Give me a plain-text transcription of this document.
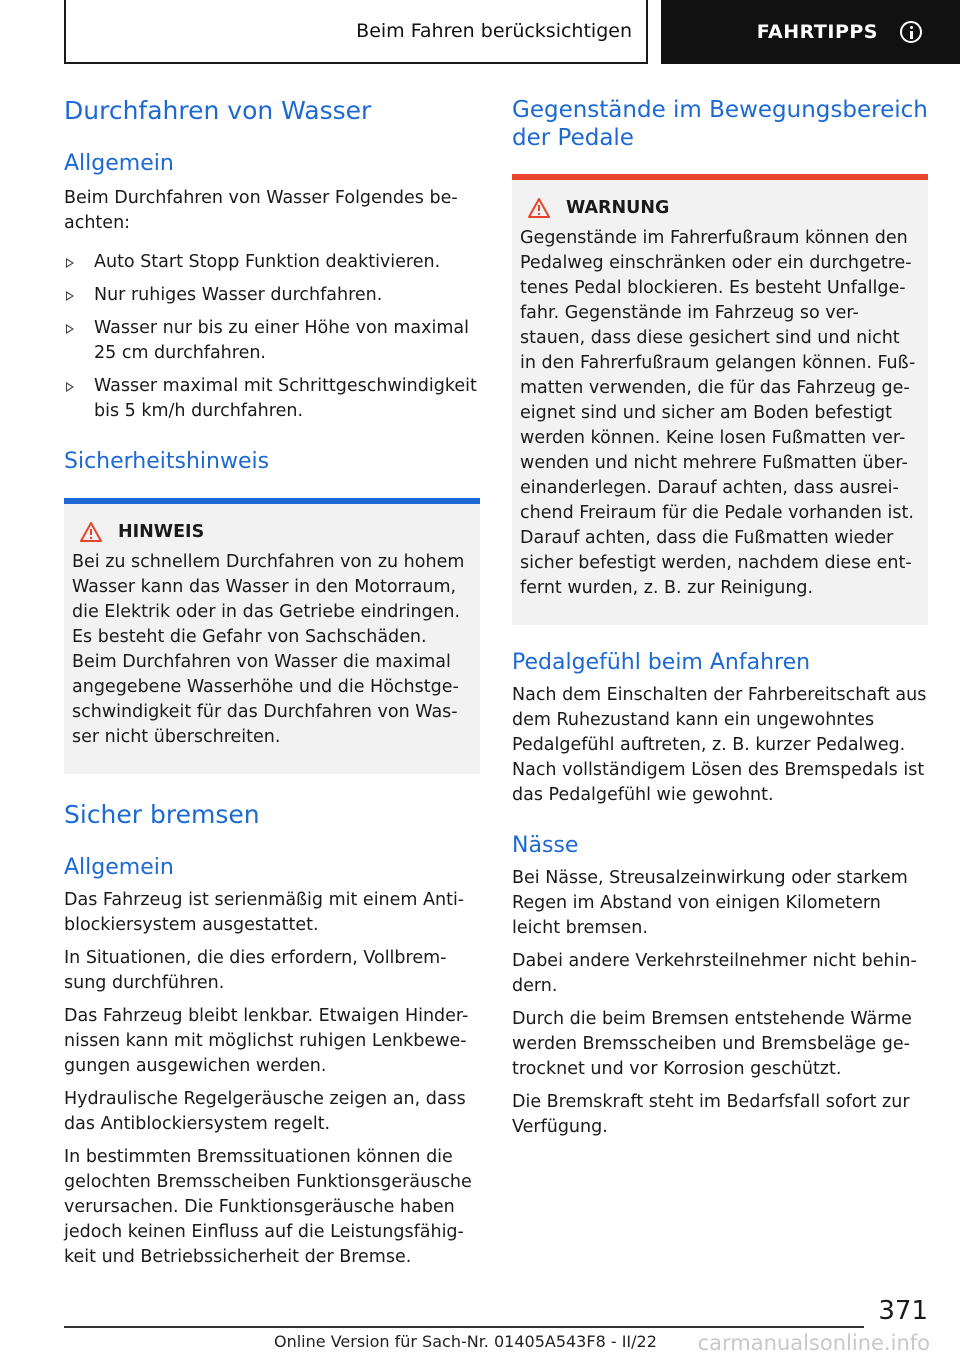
Beim Fahren berücksichtigen	FAHRTIPPS
Durchfahren von Wasser
Allgemein

Beim Durchfahren von Wasser Folgendes be-achten:

Auto Start Stopp Funktion deaktivieren.
Nur ruhiges Wasser durchfahren.
Wasser nur bis zu einer Höhe von maximal 25 cm durchfahren.
Wasser maximal mit Schrittgeschwindigkeit bis 5 km/h durchfahren.
Sicherheitshinweis
HINWEIS

Bei zu schnellem Durchfahren von zu hohem Wasser kann das Wasser in den Motorraum, die Elektrik oder in das Getriebe eindringen. Es besteht die Gefahr von Sachschäden. Beim Durchfahren von Wasser die maximal angegebene Wasserhöhe und die Höchstge-schwindigkeit für das Durchfahren von Was-ser nicht überschreiten.

Sicher bremsen
Allgemein

Das Fahrzeug ist serienmäßig mit einem Anti-blockiersystem ausgestattet.

In Situationen, die dies erfordern, Vollbrem-sung durchführen.

Das Fahrzeug bleibt lenkbar. Etwaigen Hinder-nissen kann mit möglichst ruhigen Lenkbewe-gungen ausgewichen werden.

Hydraulische Regelgeräusche zeigen an, dass das Antiblockiersystem regelt.

In bestimmten Bremssituationen können die gelochten Bremsscheiben Funktionsgeräusche verursachen. Die Funktionsgeräusche haben jedoch keinen Einfluss auf die Leistungsfähig-keit und Betriebssicherheit der Bremse.

Gegenstände im Bewegungsbereich der Pedale
WARNUNG

Gegenstände im Fahrerfußraum können den Pedalweg einschränken oder ein durchgetre-tenes Pedal blockieren. Es besteht Unfallge-fahr. Gegenstände im Fahrzeug so ver-stauen, dass diese gesichert sind und nicht in den Fahrerfußraum gelangen können. Fuß-matten verwenden, die für das Fahrzeug ge-eignet sind und sicher am Boden befestigt werden können. Keine losen Fußmatten ver-wenden und nicht mehrere Fußmatten über-einanderlegen. Darauf achten, dass ausrei-chend Freiraum für die Pedale vorhanden ist. Darauf achten, dass die Fußmatten wieder sicher befestigt werden, nachdem diese ent-fernt wurden, z. B. zur Reinigung.

Pedalgefühl beim Anfahren

Nach dem Einschalten der Fahrbereitschaft aus dem Ruhezustand kann ein ungewohntes Pedalgefühl auftreten, z. B. kurzer Pedalweg. Nach vollständigem Lösen des Bremspedals ist das Pedalgefühl wie gewohnt.

Nässe

Bei Nässe, Streusalzeinwirkung oder starkem Regen im Abstand von einigen Kilometern leicht bremsen.

Dabei andere Verkehrsteilnehmer nicht behin-dern.

Durch die beim Bremsen entstehende Wärme werden Bremsscheiben und Bremsbeläge ge-trocknet und vor Korrosion geschützt.

Die Bremskraft steht im Bedarfsfall sofort zur Verfügung.

371
Online Version für Sach-Nr. 01405A543F8 - II/22 carmanualsonline.info
